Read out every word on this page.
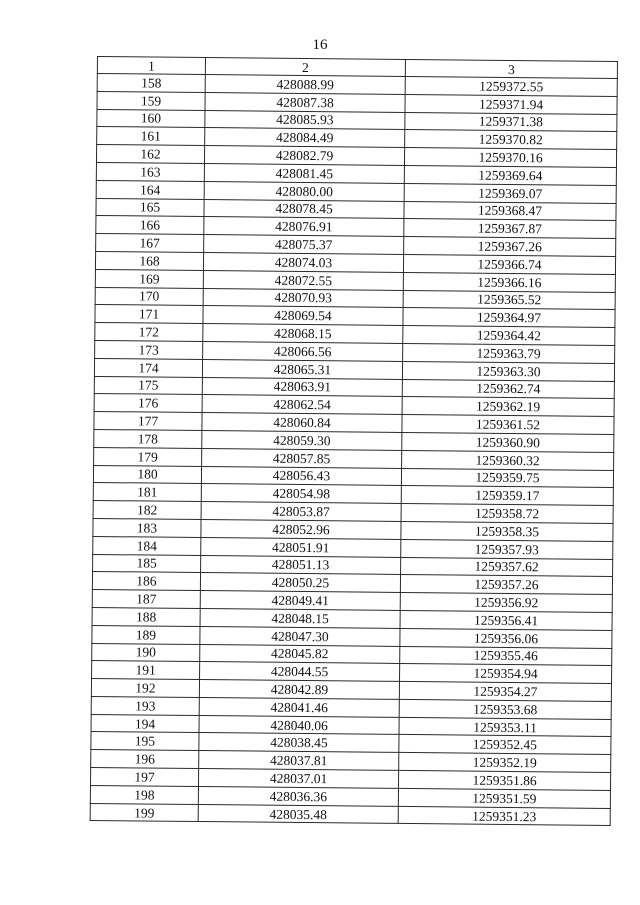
16
1	2	3
158	428088.99	1259372.55
159	428087.38	1259371.94
160	428085.93	1259371.38
161	428084.49	1259370.82
162	428082.79	1259370.16
163	428081.45	1259369.64
164	428080.00	1259369.07
165	428078.45	1259368.47
166	428076.91	1259367.87
167	428075.37	1259367.26
168	428074.03	1259366.74
169	428072.55	1259366.16
170	428070.93	1259365.52
171	428069.54	1259364.97
172	428068.15	1259364.42
173	428066.56	1259363.79
174	428065.31	1259363.30
175	428063.91	1259362.74
176	428062.54	1259362.19
177	428060.84	1259361.52
178	428059.30	1259360.90
179	428057.85	1259360.32
180	428056.43	1259359.75
181	428054.98	1259359.17
182	428053.87	1259358.72
183	428052.96	1259358.35
184	428051.91	1259357.93
185	428051.13	1259357.62
186	428050.25	1259357.26
187	428049.41	1259356.92
188	428048.15	1259356.41
189	428047.30	1259356.06
190	428045.82	1259355.46
191	428044.55	1259354.94
192	428042.89	1259354.27
193	428041.46	1259353.68
194	428040.06	1259353.11
195	428038.45	1259352.45
196	428037.81	1259352.19
197	428037.01	1259351.86
198	428036.36	1259351.59
199	428035.48	1259351.23
